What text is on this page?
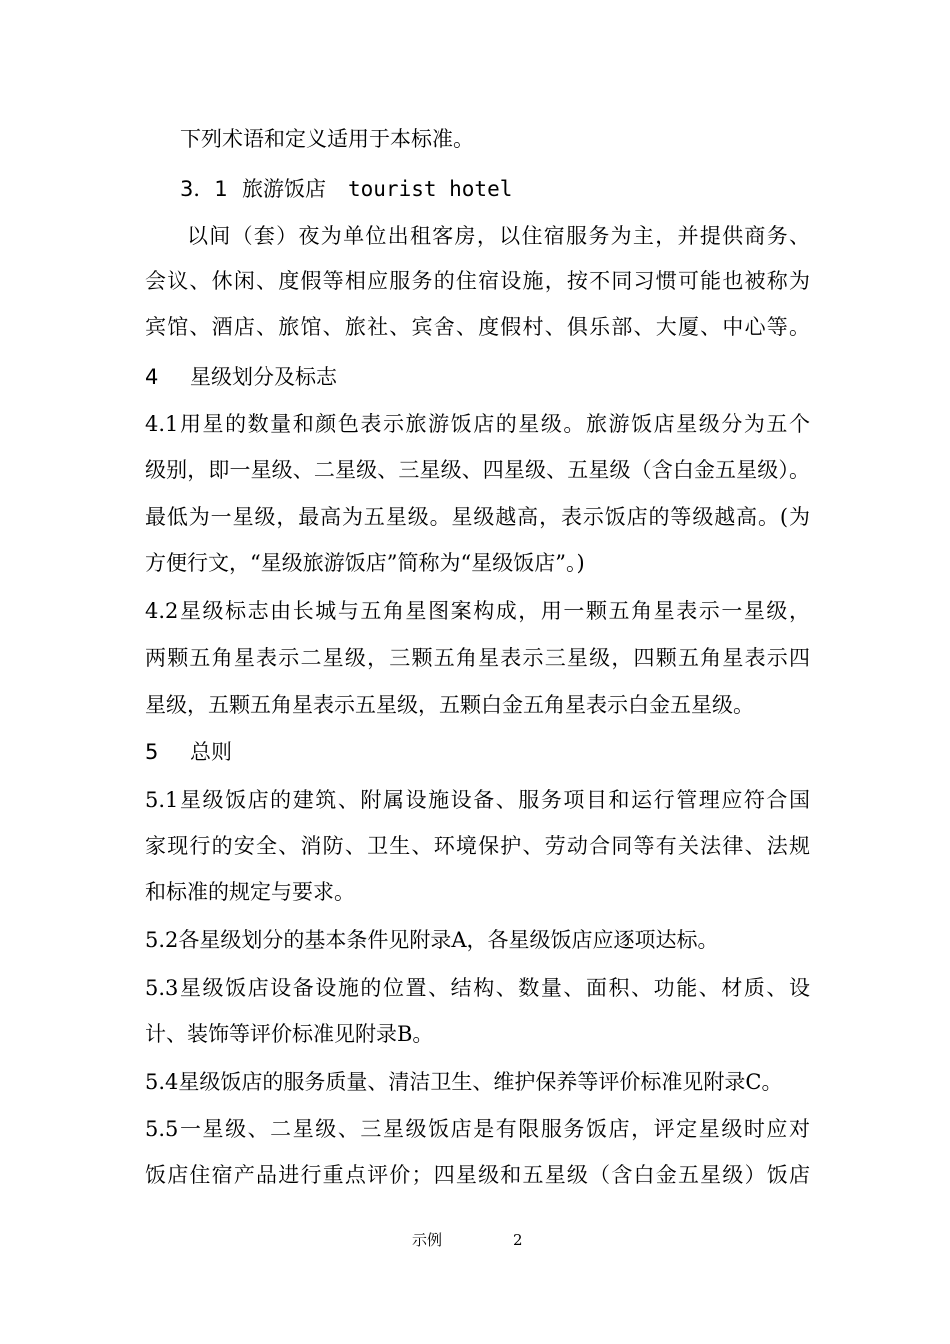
下列术语和定义适用于本标准。
3．1 旅游饭店 tourist hotel
以间（套）夜为单位出租客房，以住宿服务为主，并提供商务、
会议、休闲、度假等相应服务的住宿设施，按不同习惯可能也被称为
宾馆、酒店、旅馆、旅社、宾舍、度假村、俱乐部、大厦、中心等。
4 星级划分及标志
4.1用星的数量和颜色表示旅游饭店的星级。旅游饭店星级分为五个
级别，即一星级、二星级、三星级、四星级、五星级（含白金五星级）。
最低为一星级，最高为五星级。星级越高，表示饭店的等级越高。(为
方便行文，“星级旅游饭店”简称为“星级饭店”。)
4.2星级标志由长城与五角星图案构成，用一颗五角星表示一星级，
两颗五角星表示二星级，三颗五角星表示三星级，四颗五角星表示四
星级，五颗五角星表示五星级，五颗白金五角星表示白金五星级。
5 总则
5.1星级饭店的建筑、附属设施设备、服务项目和运行管理应符合国
家现行的安全、消防、卫生、环境保护、劳动合同等有关法律、法规
和标准的规定与要求。
5.2各星级划分的基本条件见附录A，各星级饭店应逐项达标。
5.3星级饭店设备设施的位置、结构、数量、面积、功能、材质、设
计、装饰等评价标准见附录B。
5.4星级饭店的服务质量、清洁卫生、维护保养等评价标准见附录C。
5.5一星级、二星级、三星级饭店是有限服务饭店，评定星级时应对
饭店住宿产品进行重点评价；四星级和五星级（含白金五星级）饭店
示例	2
